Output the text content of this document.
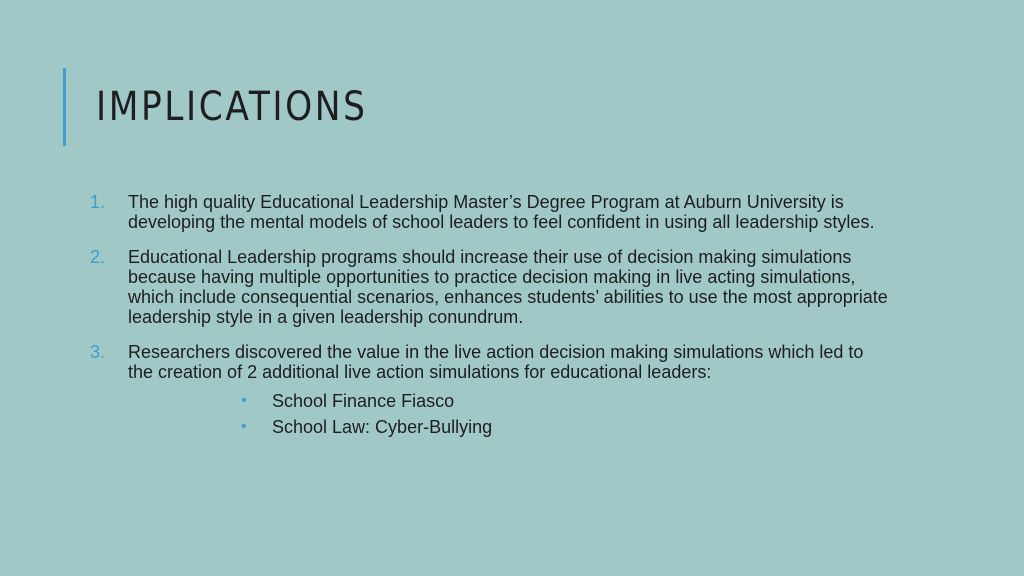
IMPLICATIONS
1. The high quality Educational Leadership Master’s Degree Program at Auburn University is developing the mental models of school leaders to feel confident in using all leadership styles.
2. Educational Leadership programs should increase their use of decision making simulations because having multiple opportunities to practice decision making in live acting simulations, which include consequential scenarios, enhances students’ abilities to use the most appropriate leadership style in a given leadership conundrum.
3. Researchers discovered the value in the live action decision making simulations which led to the creation of 2 additional live action simulations for educational leaders:
• School Finance Fiasco
• School Law: Cyber-Bullying
